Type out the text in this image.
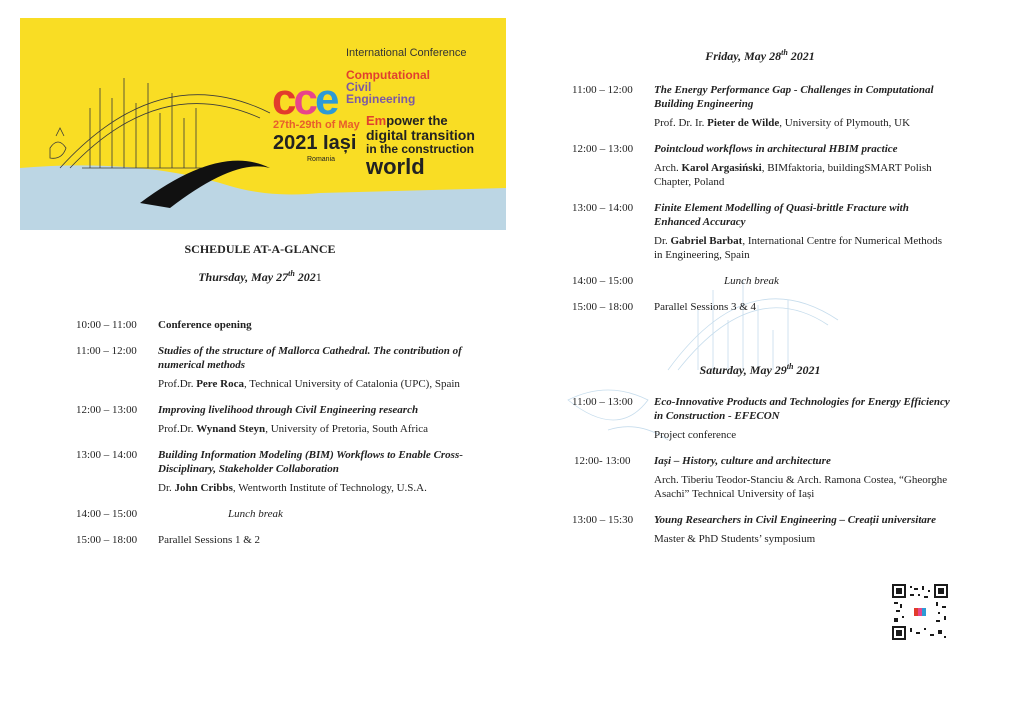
International Conference
cce Computational
Civil
Engineering
27th-29th of May
2021 Iași
Romania
Empower the
digital transition
in the construction
world
SCHEDULE AT-A-GLANCE
Thursday, May 27th 2021
10:00 – 11:00 Conference opening
11:00 – 12:00 Studies of the structure of Mallorca Cathedral. The contribution of numerical methods
Prof.Dr. Pere Roca, Technical University of Catalonia (UPC), Spain
12:00 – 13:00 Improving livelihood through Civil Engineering research
Prof.Dr. Wynand Steyn, University of Pretoria, South Africa
13:00 – 14:00 Building Information Modeling (BIM) Workflows to Enable Cross-Disciplinary, Stakeholder Collaboration
Dr. John Cribbs, Wentworth Institute of Technology, U.S.A.
14:00 – 15:00	Lunch break
15:00 – 18:00 Parallel Sessions 1 & 2
Friday, May 28th 2021
11:00 – 12:00 The Energy Performance Gap - Challenges in Computational Building Engineering
Prof. Dr. Ir. Pieter de Wilde, University of Plymouth, UK
12:00 – 13:00 Pointcloud workflows in architectural HBIM practice
Arch. Karol Argasiński, BIMfaktoria, buildingSMART Polish Chapter, Poland
13:00 – 14:00 Finite Element Modelling of Quasi-brittle Fracture with Enhanced Accuracy
Dr. Gabriel Barbat, International Centre for Numerical Methods in Engineering, Spain
14:00 – 15:00	Lunch break
15:00 – 18:00 Parallel Sessions 3 & 4
Saturday, May 29th 2021
11:00 – 13:00 Eco-Innovative Products and Technologies for Energy Efficiency in Construction - EFECON
Project conference
12:00- 13:00 Iași – History, culture and architecture
Arch. Tiberiu Teodor-Stanciu & Arch. Ramona Costea, “Gheorghe Asachi” Technical University of Iași
13:00 – 15:30 Young Researchers in Civil Engineering – Creații universitare
Master & PhD Students’ symposium
